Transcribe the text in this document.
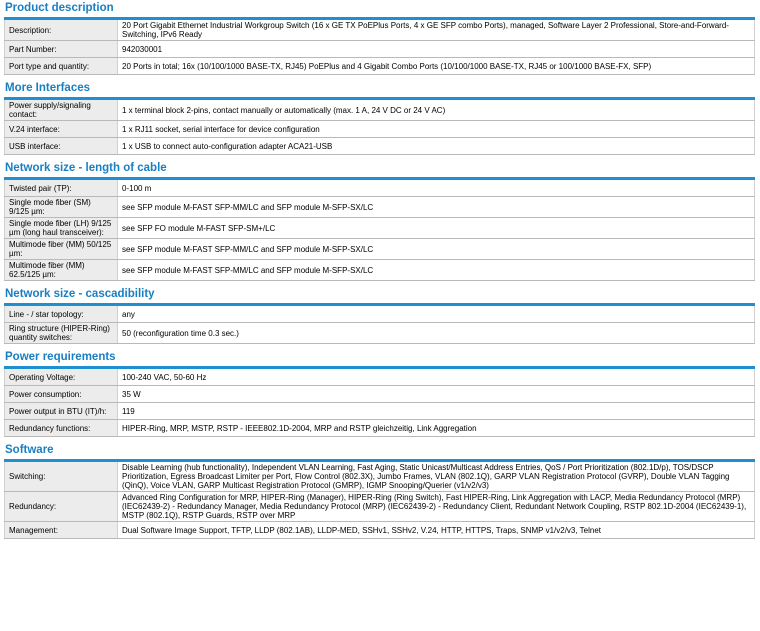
Product description
Description:	20 Port Gigabit Ethernet Industrial Workgroup Switch (16 x GE TX PoEPlus Ports, 4 x GE SFP combo Ports), managed, Software Layer 2 Professional, Store-and-Forward-Switching, IPv6 Ready
Part Number:	942030001
Port type and quantity:	20 Ports in total; 16x (10/100/1000 BASE-TX, RJ45) PoEPlus and 4 Gigabit Combo Ports (10/100/1000 BASE-TX, RJ45 or 100/1000 BASE-FX, SFP)
More Interfaces
Power supply/signaling contact:	1 x terminal block 2-pins, contact manually or automatically (max. 1 A, 24 V DC or 24 V AC)
V.24 interface:	1 x RJ11 socket, serial interface for device configuration
USB interface:	1 x USB to connect auto-configuration adapter ACA21-USB
Network size - length of cable
Twisted pair (TP):	0-100 m
Single mode fiber (SM) 9/125 µm:	see SFP module M-FAST SFP-MM/LC and SFP module M-SFP-SX/LC
Single mode fiber (LH) 9/125 µm (long haul transceiver):	see SFP FO module M-FAST SFP-SM+/LC
Multimode fiber (MM) 50/125 µm:	see SFP module M-FAST SFP-MM/LC and SFP module M-SFP-SX/LC
Multimode fiber (MM) 62.5/125 µm:	see SFP module M-FAST SFP-MM/LC and SFP module M-SFP-SX/LC
Network size - cascadibility
Line - / star topology:	any
Ring structure (HIPER-Ring) quantity switches:	50 (reconfiguration time 0.3 sec.)
Power requirements
Operating Voltage:	100-240 VAC, 50-60 Hz
Power consumption:	35 W
Power output in BTU (IT)/h:	119
Redundancy functions:	HIPER-Ring, MRP, MSTP, RSTP - IEEE802.1D-2004, MRP and RSTP gleichzeitig, Link Aggregation
Software
Switching:	Disable Learning (hub functionality), Independent VLAN Learning, Fast Aging, Static Unicast/Multicast Address Entries, QoS / Port Prioritization (802.1D/p), TOS/DSCP Prioritization, Egress Broadcast Limiter per Port, Flow Control (802.3X), Jumbo Frames, VLAN (802.1Q), GARP VLAN Registration Protocol (GVRP), Double VLAN Tagging (QinQ), Voice VLAN, GARP Multicast Registration Protocol (GMRP), IGMP Snooping/Querier (v1/v2/v3)
Redundancy:	Advanced Ring Configuration for MRP, HIPER-Ring (Manager), HIPER-Ring (Ring Switch), Fast HIPER-Ring, Link Aggregation with LACP, Media Redundancy Protocol (MRP) (IEC62439-2) - Redundancy Manager, Media Redundancy Protocol (MRP) (IEC62439-2) - Redundancy Client, Redundant Network Coupling, RSTP 802.1D-2004 (IEC62439-1), MSTP (802.1Q), RSTP Guards, RSTP over MRP
Management:	Dual Software Image Support, TFTP, LLDP (802.1AB), LLDP-MED, SSHv1, SSHv2, V.24, HTTP, HTTPS, Traps, SNMP v1/v2/v3, Telnet
